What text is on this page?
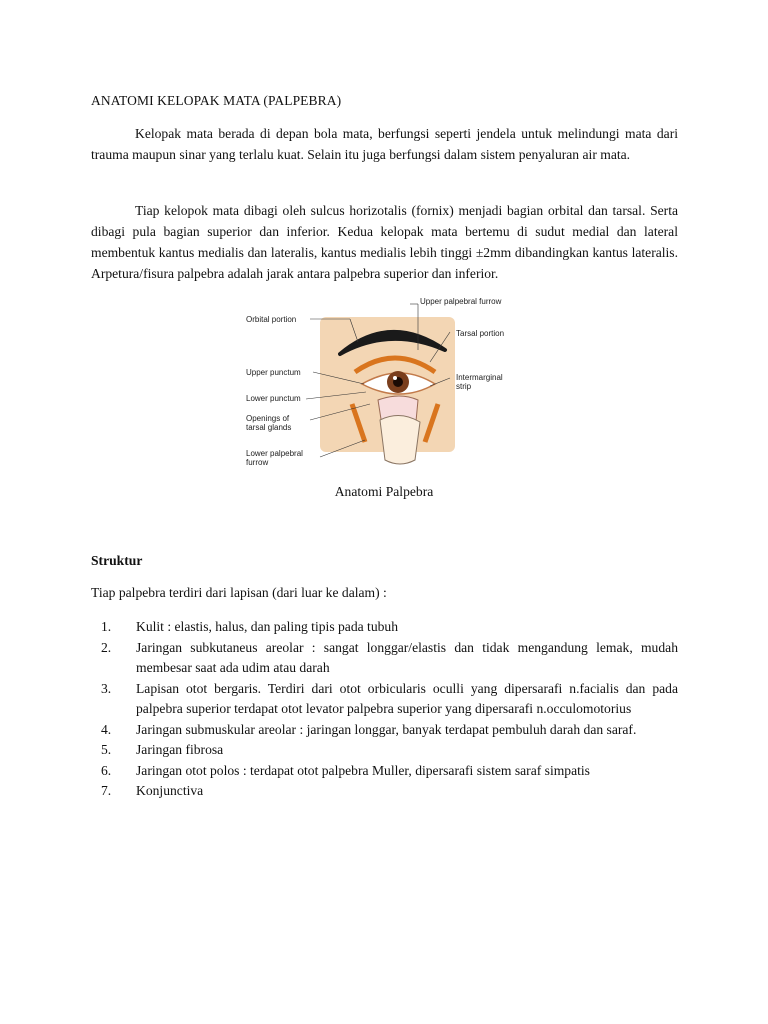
ANATOMI KELOPAK MATA (PALPEBRA)

Kelopak mata berada di depan bola mata, berfungsi seperti jendela untuk melindungi mata dari trauma maupun sinar yang terlalu kuat. Selain itu juga berfungsi dalam sistem penyaluran air mata.

Tiap kelopok mata dibagi oleh sulcus horizotalis (fornix) menjadi bagian orbital dan tarsal. Serta dibagi pula bagian superior dan inferior. Kedua kelopak mata bertemu di sudut medial dan lateral membentuk kantus medialis dan lateralis, kantus medialis lebih tinggi ±2mm dibandingkan kantus lateralis. Arpetura/fisura palpebra adalah jarak antara palpebra superior dan inferior.

Orbital portion
Upper palpebral furrow
Tarsal portion
Upper punctum
Intermarginal
strip
Lower punctum
Openings of
tarsal glands
Lower palpebral
furrow
Anatomi Palpebra
Struktur
Tiap palpebra terdiri dari lapisan (dari luar ke dalam) :
1. Kulit : elastis, halus, dan paling tipis pada tubuh
2. Jaringan subkutaneus areolar : sangat longgar/elastis dan tidak mengandung lemak, mudah membesar saat ada udim atau darah
3. Lapisan otot bergaris. Terdiri dari otot orbicularis oculli yang dipersarafi n.facialis dan pada palpebra superior terdapat otot levator palpebra superior yang dipersarafi n.occulomotorius
4. Jaringan submuskular areolar : jaringan longgar, banyak terdapat pembuluh darah dan saraf.
5. Jaringan fibrosa
6. Jaringan otot polos : terdapat otot palpebra Muller, dipersarafi sistem saraf simpatis
7. Konjunctiva
